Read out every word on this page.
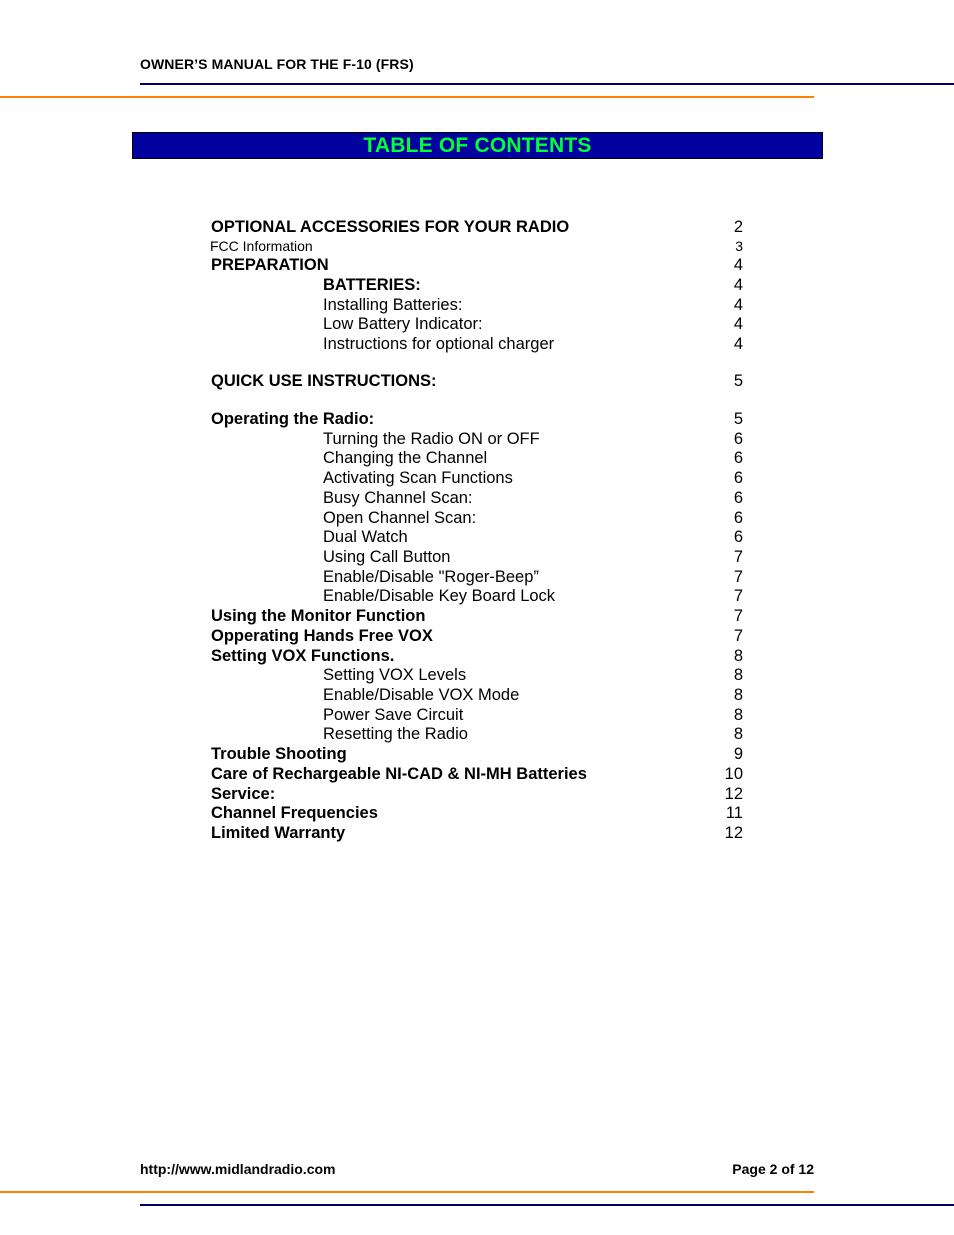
OWNER’S MANUAL FOR THE F-10 (FRS)
TABLE OF CONTENTS
OPTIONAL ACCESSORIES FOR YOUR RADIO	2
FCC Information	3
PREPARATION	4
BATTERIES:	4
Installing Batteries:	4
Low Battery Indicator:	4
Instructions for optional charger	4
QUICK USE INSTRUCTIONS:	5
Operating the Radio:	5
Turning the Radio ON or OFF	6
Changing the Channel	6
Activating Scan Functions	6
Busy Channel Scan:	6
Open Channel Scan:	6
Dual Watch	6
Using Call Button	7
Enable/Disable "Roger-Beep”	7
Enable/Disable Key Board Lock	7
Using the Monitor Function	7
Opperating Hands Free VOX	7
Setting VOX Functions.	8
Setting VOX Levels	8
Enable/Disable VOX Mode	8
Power Save Circuit	8
Resetting the Radio	8
Trouble Shooting	9
Care of Rechargeable NI-CAD & NI-MH Batteries	10
Service:	12
Channel Frequencies	11
Limited Warranty	12
http://www.midlandradio.com	Page 2 of 12
